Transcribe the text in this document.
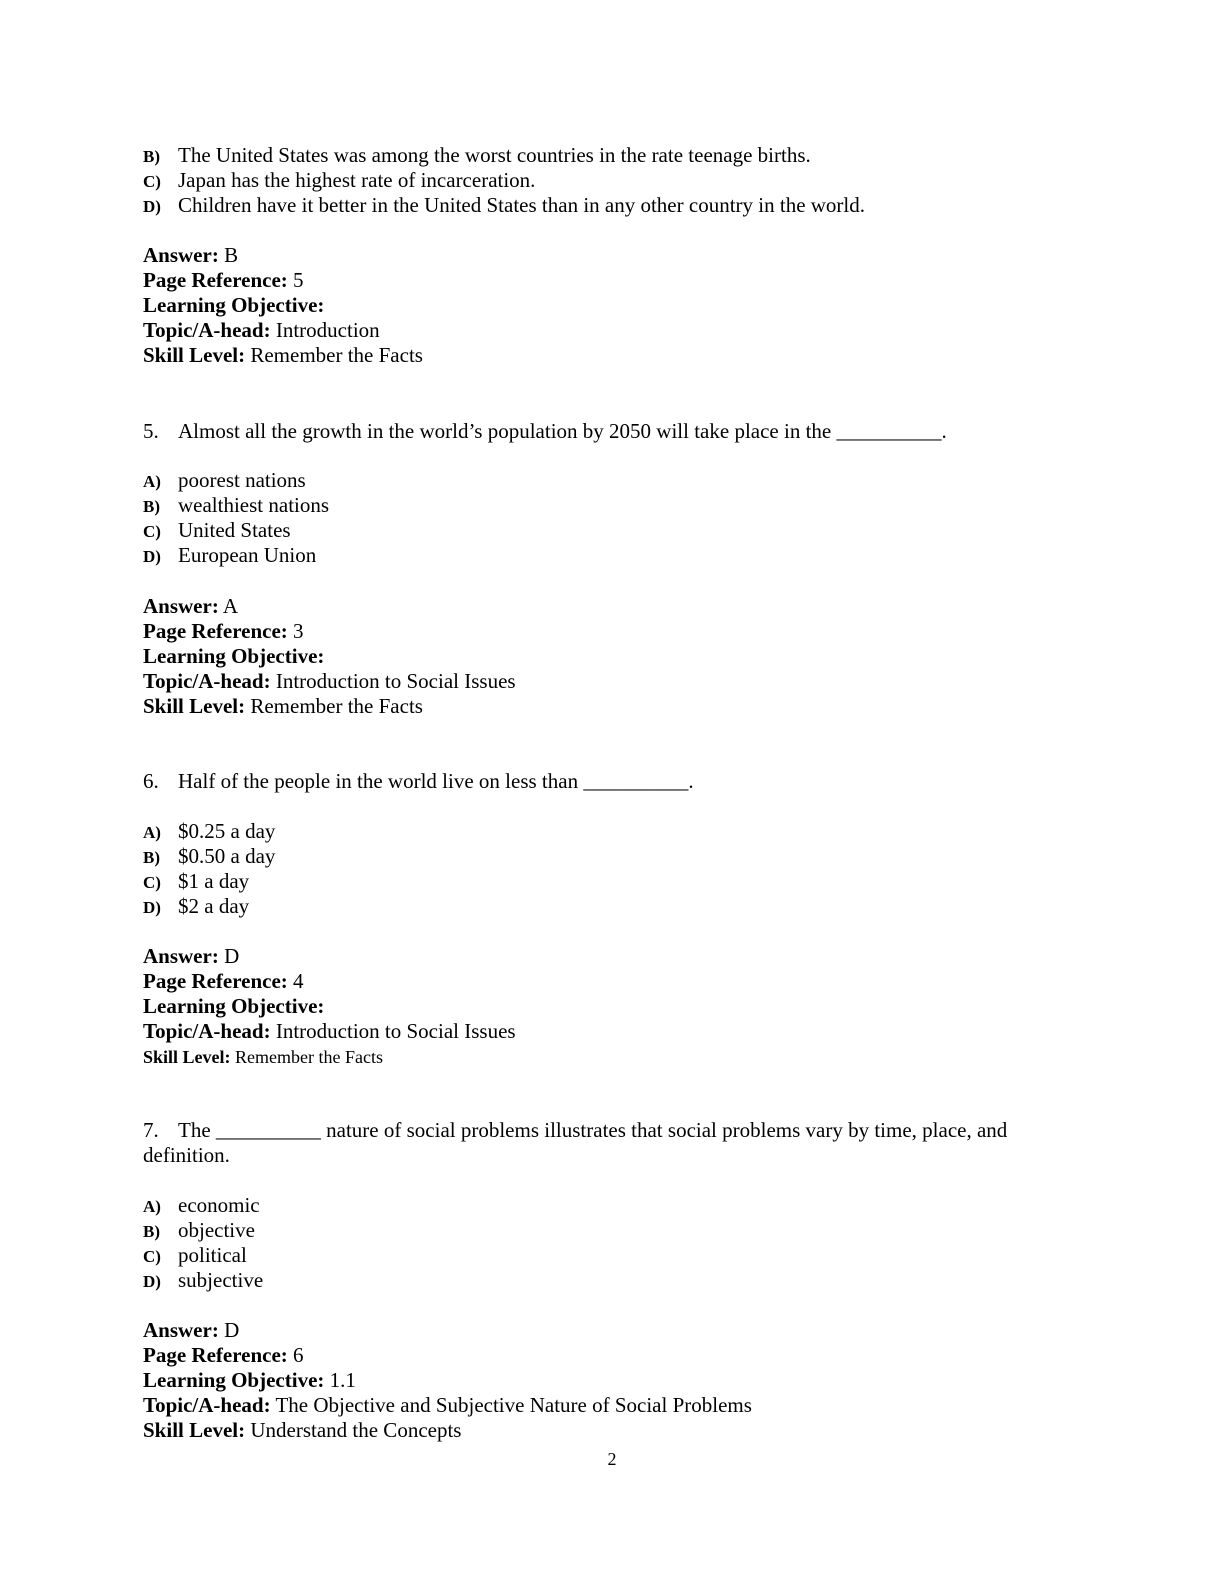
B) The United States was among the worst countries in the rate teenage births.
C) Japan has the highest rate of incarceration.
D) Children have it better in the United States than in any other country in the world.
Answer: B
Page Reference: 5
Learning Objective:
Topic/A-head: Introduction
Skill Level: Remember the Facts
5. Almost all the growth in the world’s population by 2050 will take place in the __________.
A) poorest nations
B) wealthiest nations
C) United States
D) European Union
Answer: A
Page Reference: 3
Learning Objective:
Topic/A-head: Introduction to Social Issues
Skill Level: Remember the Facts
6. Half of the people in the world live on less than __________.
A) $0.25 a day
B) $0.50 a day
C) $1 a day
D) $2 a day
Answer: D
Page Reference: 4
Learning Objective:
Topic/A-head: Introduction to Social Issues
Skill Level: Remember the Facts
7. The __________ nature of social problems illustrates that social problems vary by time, place, and definition.
A) economic
B) objective
C) political
D) subjective
Answer: D
Page Reference: 6
Learning Objective: 1.1
Topic/A-head: The Objective and Subjective Nature of Social Problems
Skill Level: Understand the Concepts
2
